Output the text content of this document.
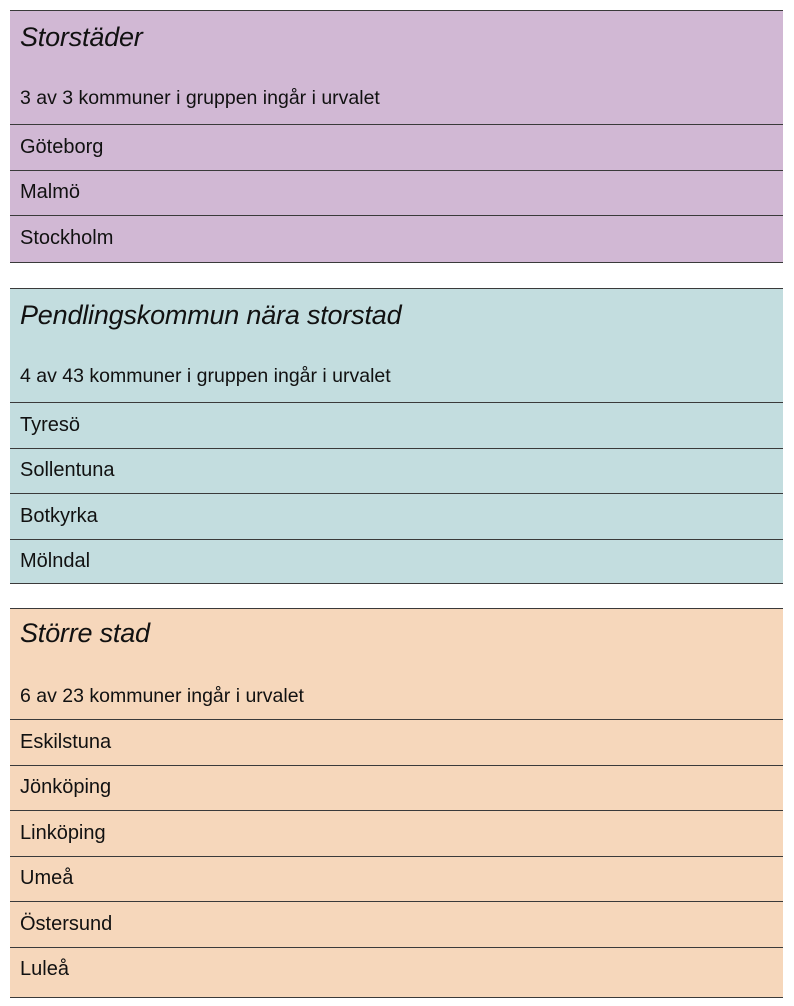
Storstäder
3 av 3 kommuner i gruppen ingår i urvalet
Göteborg
Malmö
Stockholm
Pendlingskommun nära storstad
4 av 43 kommuner i gruppen ingår i urvalet
Tyresö
Sollentuna
Botkyrka
Mölndal
Större stad
6 av 23 kommuner ingår i urvalet
Eskilstuna
Jönköping
Linköping
Umeå
Östersund
Luleå
